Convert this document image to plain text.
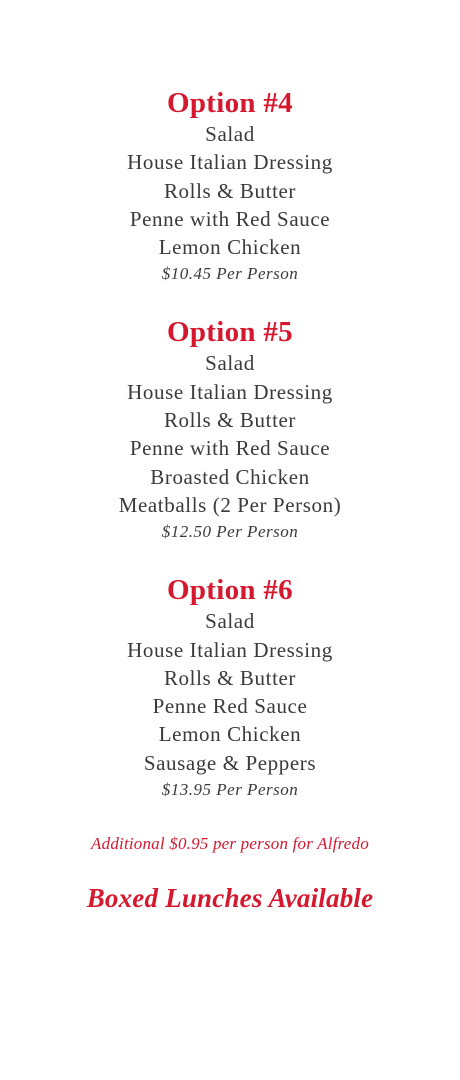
Option #4
Salad
House Italian Dressing
Rolls & Butter
Penne with Red Sauce
Lemon Chicken
$10.45 Per Person
Option #5
Salad
House Italian Dressing
Rolls & Butter
Penne with Red Sauce
Broasted Chicken
Meatballs (2 Per Person)
$12.50 Per Person
Option #6
Salad
House Italian Dressing
Rolls & Butter
Penne Red Sauce
Lemon Chicken
Sausage & Peppers
$13.95 Per Person
Additional $0.95 per person for Alfredo
Boxed Lunches Available
